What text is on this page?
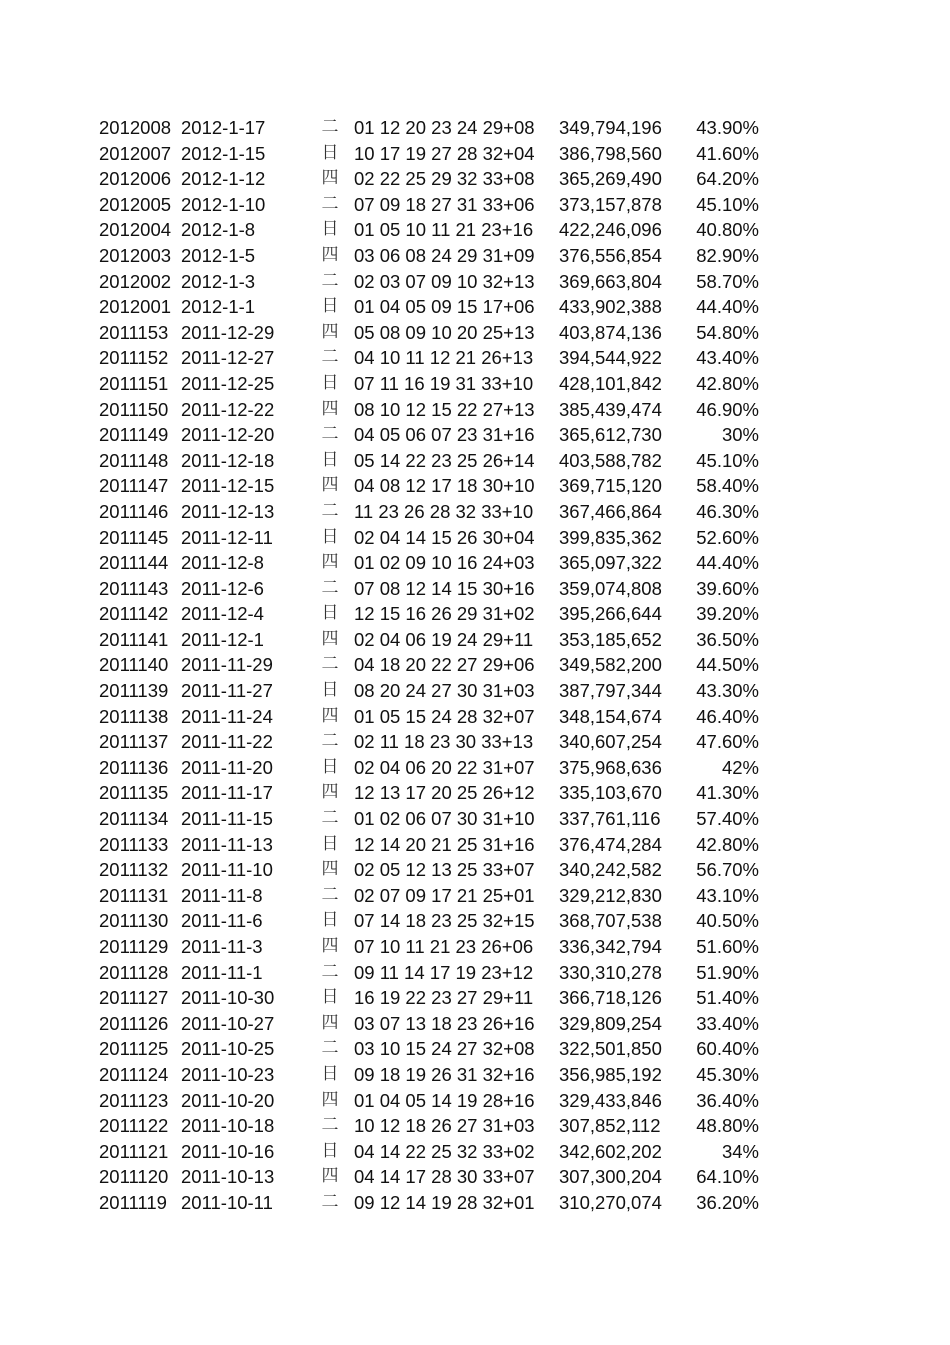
2012008	2012-1-17	二	01 12 20 23 24 29+08	349,794,196	43.90%
2012007	2012-1-15	日	10 17 19 27 28 32+04	386,798,560	41.60%
2012006	2012-1-12	四	02 22 25 29 32 33+08	365,269,490	64.20%
2012005	2012-1-10	二	07 09 18 27 31 33+06	373,157,878	45.10%
2012004	2012-1-8	日	01 05 10 11 21 23+16	422,246,096	40.80%
2012003	2012-1-5	四	03 06 08 24 29 31+09	376,556,854	82.90%
2012002	2012-1-3	二	02 03 07 09 10 32+13	369,663,804	58.70%
2012001	2012-1-1	日	01 04 05 09 15 17+06	433,902,388	44.40%
2011153	2011-12-29	四	05 08 09 10 20 25+13	403,874,136	54.80%
2011152	2011-12-27	二	04 10 11 12 21 26+13	394,544,922	43.40%
2011151	2011-12-25	日	07 11 16 19 31 33+10	428,101,842	42.80%
2011150	2011-12-22	四	08 10 12 15 22 27+13	385,439,474	46.90%
2011149	2011-12-20	二	04 05 06 07 23 31+16	365,612,730	30%
2011148	2011-12-18	日	05 14 22 23 25 26+14	403,588,782	45.10%
2011147	2011-12-15	四	04 08 12 17 18 30+10	369,715,120	58.40%
2011146	2011-12-13	二	11 23 26 28 32 33+10	367,466,864	46.30%
2011145	2011-12-11	日	02 04 14 15 26 30+04	399,835,362	52.60%
2011144	2011-12-8	四	01 02 09 10 16 24+03	365,097,322	44.40%
2011143	2011-12-6	二	07 08 12 14 15 30+16	359,074,808	39.60%
2011142	2011-12-4	日	12 15 16 26 29 31+02	395,266,644	39.20%
2011141	2011-12-1	四	02 04 06 19 24 29+11	353,185,652	36.50%
2011140	2011-11-29	二	04 18 20 22 27 29+06	349,582,200	44.50%
2011139	2011-11-27	日	08 20 24 27 30 31+03	387,797,344	43.30%
2011138	2011-11-24	四	01 05 15 24 28 32+07	348,154,674	46.40%
2011137	2011-11-22	二	02 11 18 23 30 33+13	340,607,254	47.60%
2011136	2011-11-20	日	02 04 06 20 22 31+07	375,968,636	42%
2011135	2011-11-17	四	12 13 17 20 25 26+12	335,103,670	41.30%
2011134	2011-11-15	二	01 02 06 07 30 31+10	337,761,116	57.40%
2011133	2011-11-13	日	12 14 20 21 25 31+16	376,474,284	42.80%
2011132	2011-11-10	四	02 05 12 13 25 33+07	340,242,582	56.70%
2011131	2011-11-8	二	02 07 09 17 21 25+01	329,212,830	43.10%
2011130	2011-11-6	日	07 14 18 23 25 32+15	368,707,538	40.50%
2011129	2011-11-3	四	07 10 11 21 23 26+06	336,342,794	51.60%
2011128	2011-11-1	二	09 11 14 17 19 23+12	330,310,278	51.90%
2011127	2011-10-30	日	16 19 22 23 27 29+11	366,718,126	51.40%
2011126	2011-10-27	四	03 07 13 18 23 26+16	329,809,254	33.40%
2011125	2011-10-25	二	03 10 15 24 27 32+08	322,501,850	60.40%
2011124	2011-10-23	日	09 18 19 26 31 32+16	356,985,192	45.30%
2011123	2011-10-20	四	01 04 05 14 19 28+16	329,433,846	36.40%
2011122	2011-10-18	二	10 12 18 26 27 31+03	307,852,112	48.80%
2011121	2011-10-16	日	04 14 22 25 32 33+02	342,602,202	34%
2011120	2011-10-13	四	04 14 17 28 30 33+07	307,300,204	64.10%
2011119	2011-10-11	二	09 12 14 19 28 32+01	310,270,074	36.20%
